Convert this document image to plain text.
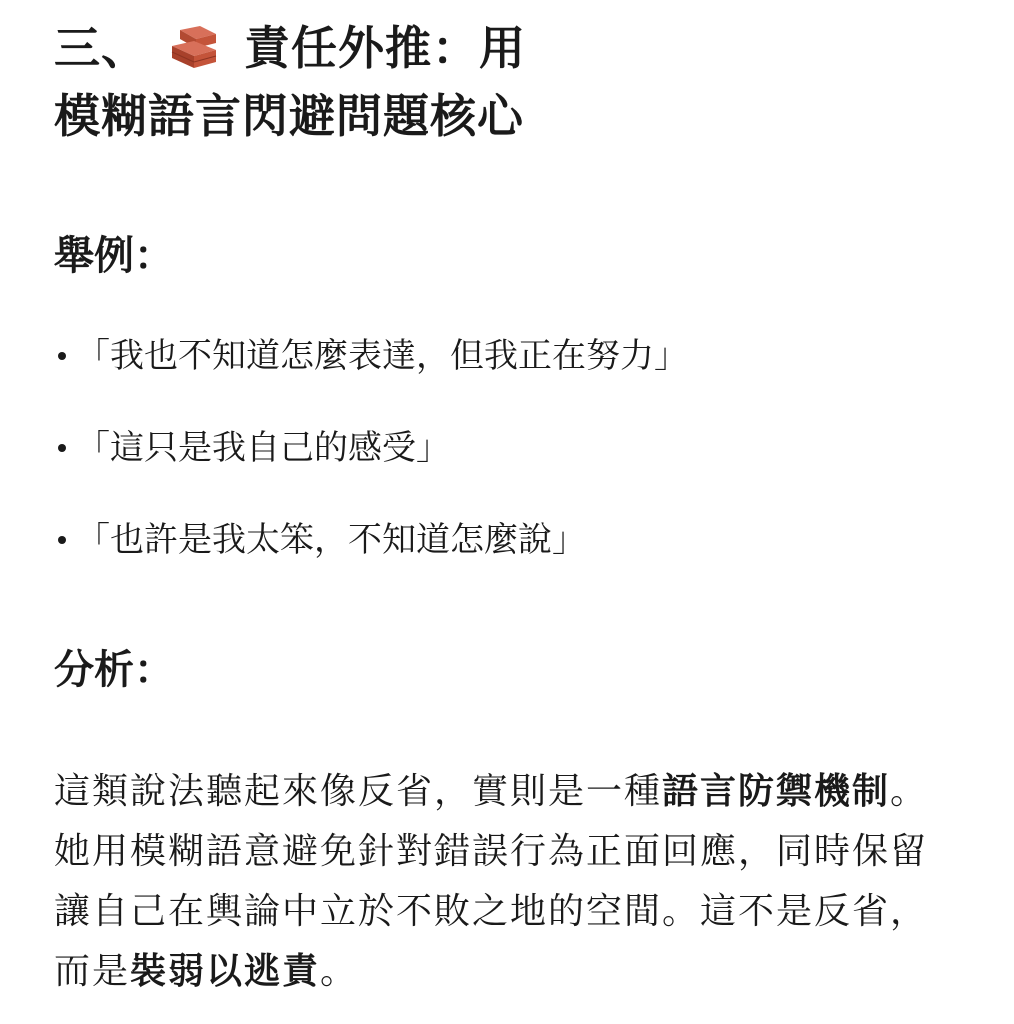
三、 責任外推：用
模糊語言閃避問題核心
舉例：
「我也不知道怎麼表達，但我正在努力」
「這只是我自己的感受」
「也許是我太笨，不知道怎麼說」
分析：

這類說法聽起來像反省，實則是一種語言防禦機制。她用模糊語意避免針對錯誤行為正面回應，同時保留讓自己在輿論中立於不敗之地的空間。這不是反省，而是裝弱以逃責。
